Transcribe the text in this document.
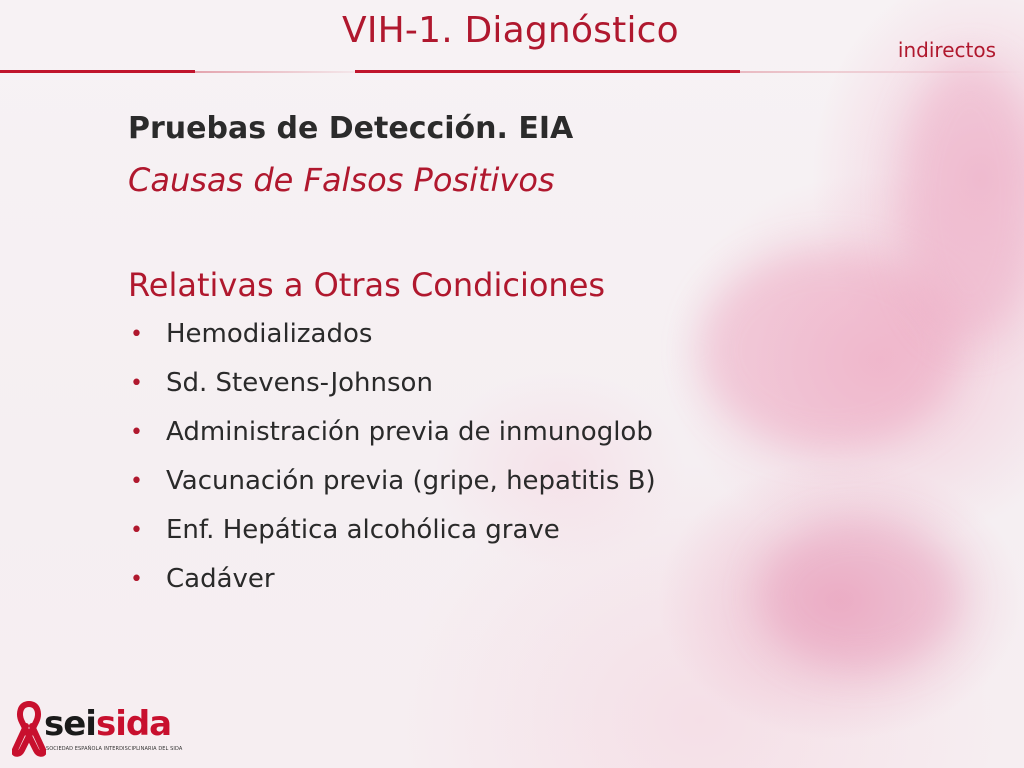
VIH-1. Diagnóstico	indirectos
Pruebas de Detección. EIA
Causas de Falsos Positivos
Relativas a Otras Condiciones
• Hemodializados
• Sd. Stevens-Johnson
• Administración previa de inmunoglob
• Vacunación previa (gripe, hepatitis B)
• Enf. Hepática alcohólica grave
• Cadáver
seisida
SOCIEDAD ESPAÑOLA INTERDISCIPLINARIA DEL SIDA
